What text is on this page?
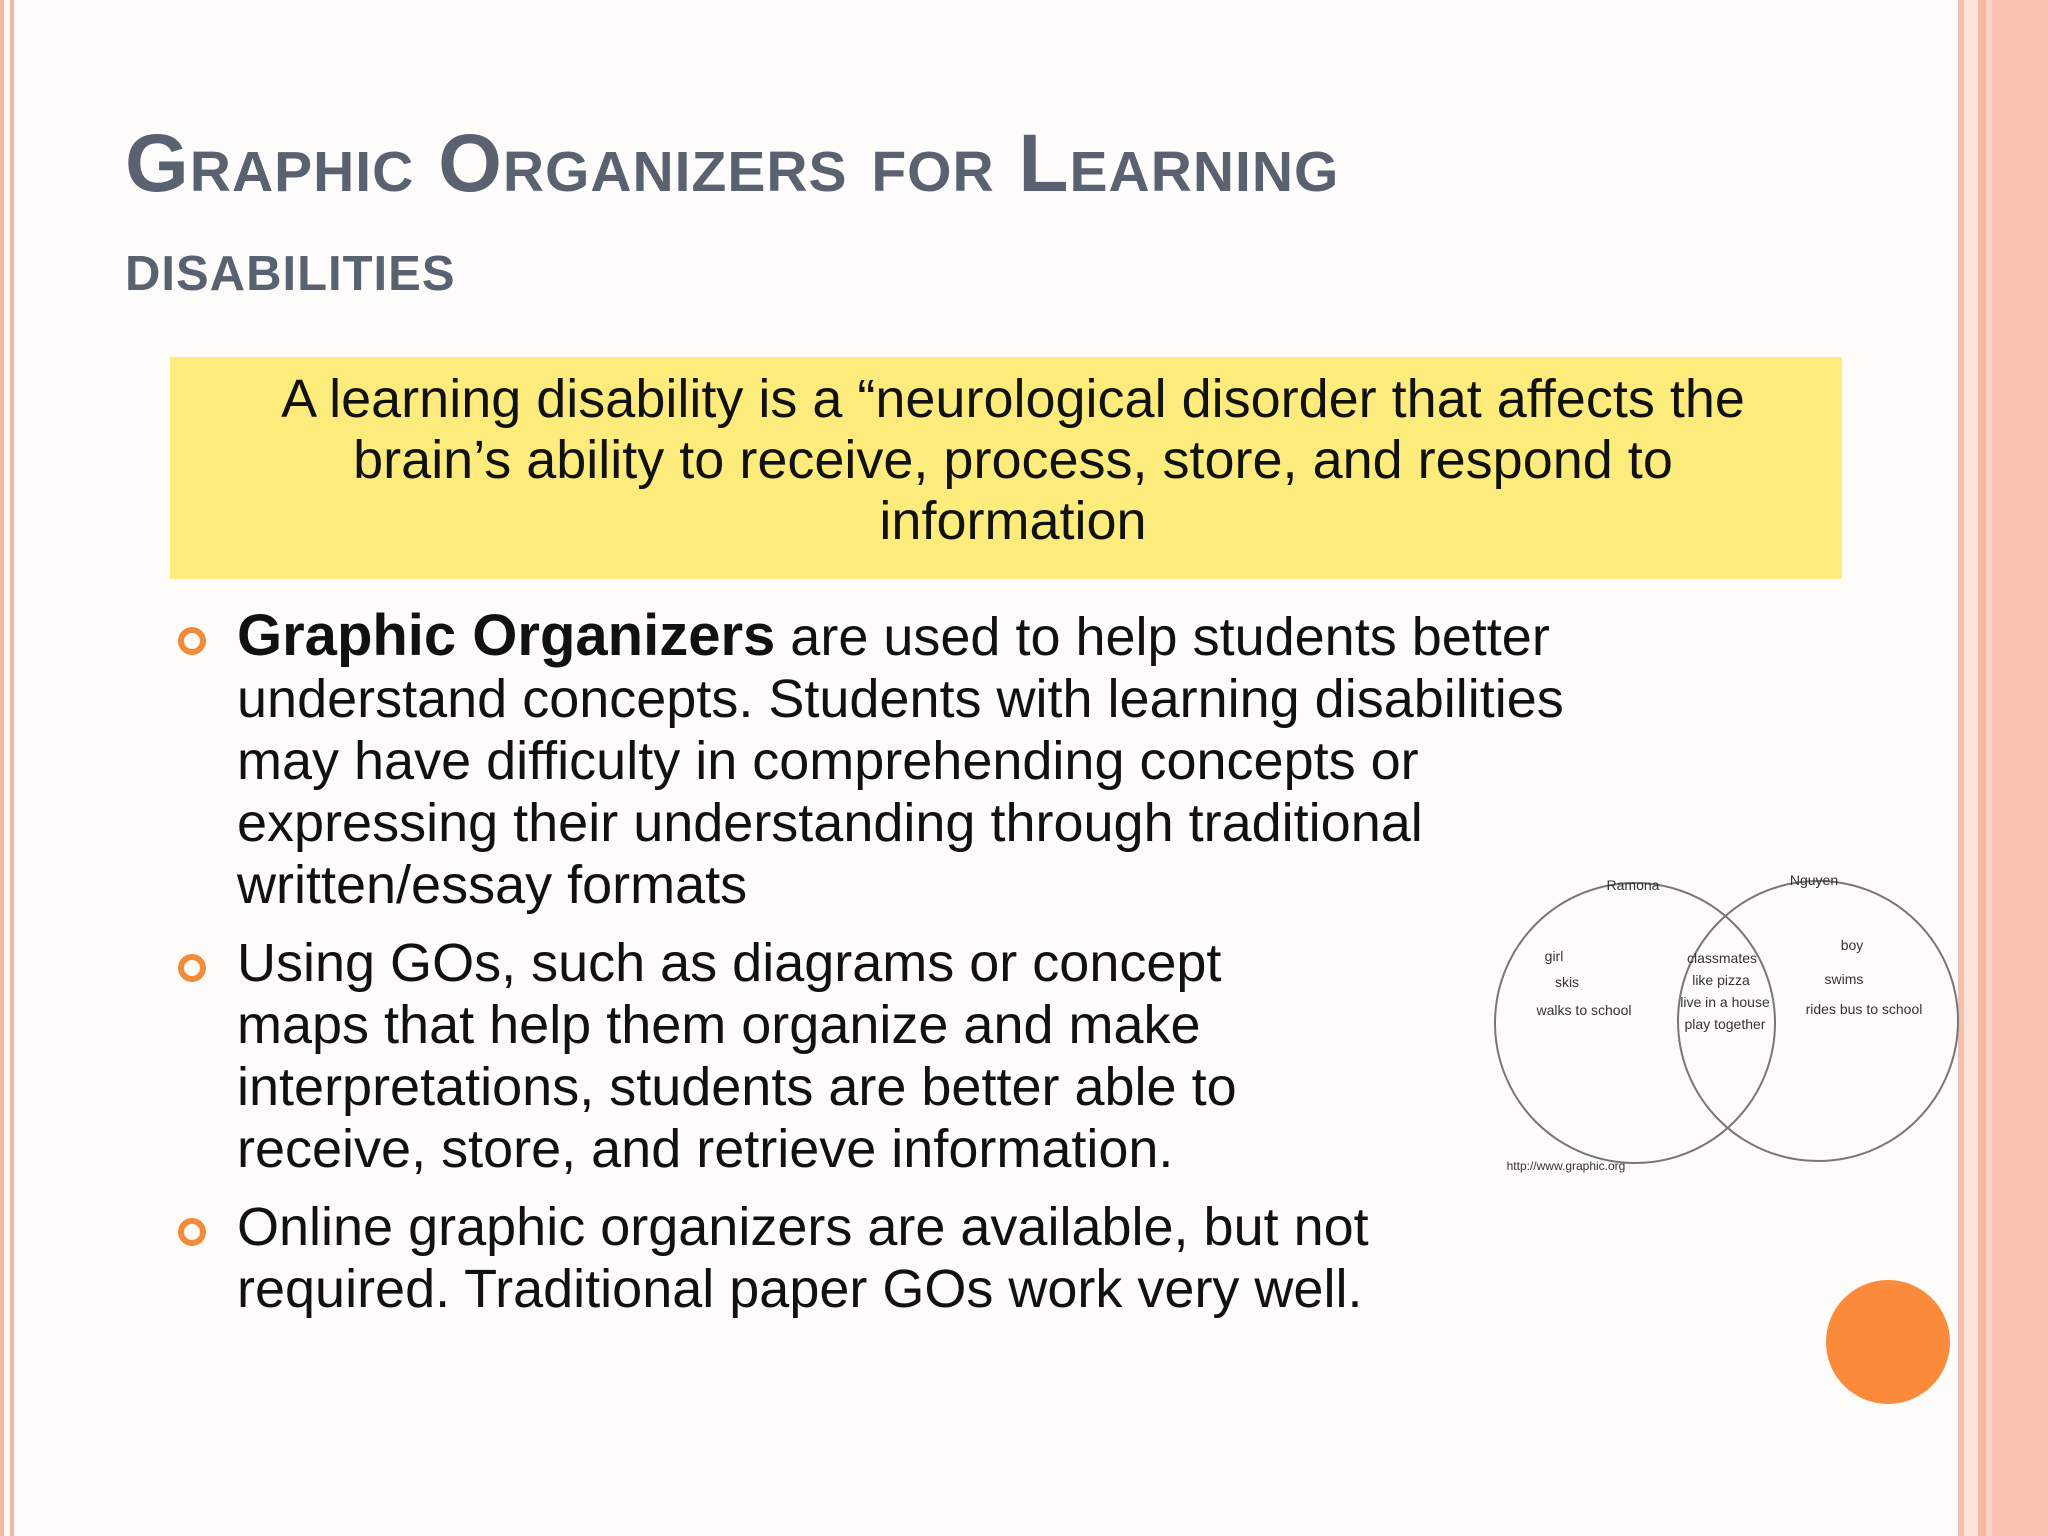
Graphic Organizers for Learning
disabilities

A learning disability is a “neurological disorder that affects the brain’s ability to receive, process, store, and respond to information

Graphic Organizers are used to help students better understand concepts. Students with learning disabilities may have difficulty in comprehending concepts or expressing their understanding through traditional written/essay formats
Using GOs, such as diagrams or concept maps that help them organize and make interpretations, students are better able to receive, store, and retrieve information.
Online graphic organizers are available, but not required. Traditional paper GOs work very well.
Ramona	Nguyen
girl
skis
walks to school
classmates
like pizza
live in a house
play together
boy
swims
rides bus to school
http://www.graphic.org
